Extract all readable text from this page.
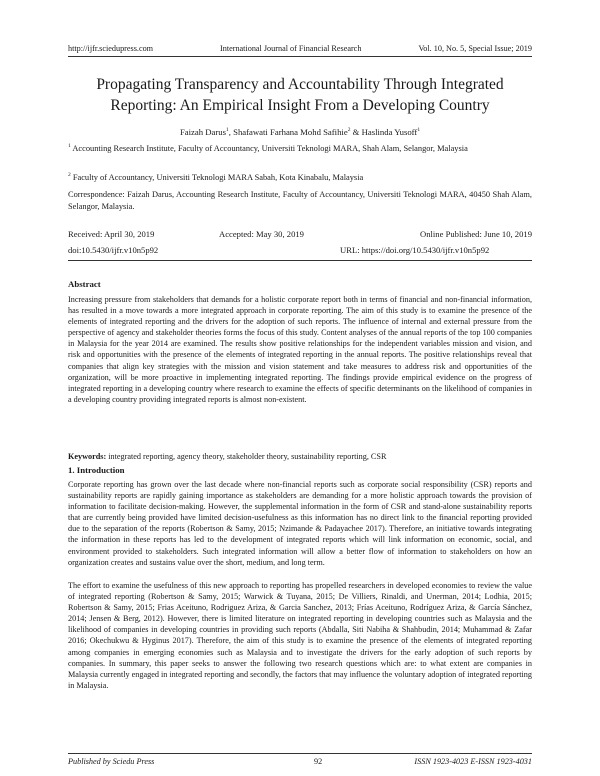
http://ijfr.sciedupress.com	International Journal of Financial Research	Vol. 10, No. 5, Special Issue; 2019
Propagating Transparency and Accountability Through Integrated
Reporting: An Empirical Insight From a Developing Country
Faizah Darus$^1$, Shafawati Farhana Mohd Safihie$^2$ & Haslinda Yusoff$^1$
$^1$ Accounting Research Institute, Faculty of Accountancy, Universiti Teknologi MARA, Shah Alam, Selangor, Malaysia
$^2$ Faculty of Accountancy, Universiti Teknologi MARA Sabah, Kota Kinabalu, Malaysia
Correspondence: Faizah Darus, Accounting Research Institute, Faculty of Accountancy, Universiti Teknologi MARA, 40450 Shah Alam, Selangor, Malaysia.
Received: April 30, 2019	Accepted: May 30, 2019	Online Published: June 10, 2019
doi:10.5430/ijfr.v10n5p92	URL: https://doi.org/10.5430/ijfr.v10n5p92
Abstract
Increasing pressure from stakeholders that demands for a holistic corporate report both in terms of financial and non-financial information, has resulted in a move towards a more integrated approach in corporate reporting. The aim of this study is to examine the presence of the elements of integrated reporting and the drivers for the adoption of such reports. The influence of internal and external pressure from the perspective of agency and stakeholder theories forms the focus of this study. Content analyses of the annual reports of the top 100 companies in Malaysia for the year 2014 are examined. The results show positive relationships for the independent variables mission and vision, and risk and opportunities with the presence of the elements of integrated reporting in the annual reports. The positive relationships reveal that companies that align key strategies with the mission and vision statement and take measures to address risk and opportunities of the organization, will be more proactive in implementing integrated reporting. The findings provide empirical evidence on the progress of integrated reporting in a developing country where research to examine the effects of specific determinants on the likelihood of companies in a developing country providing integrated reports is almost non-existent.
Keywords: integrated reporting, agency theory, stakeholder theory, sustainability reporting, CSR
1. Introduction
Corporate reporting has grown over the last decade where non-financial reports such as corporate social responsibility (CSR) reports and sustainability reports are rapidly gaining importance as stakeholders are demanding for a more holistic approach towards the provision of information to facilitate decision-making. However, the supplemental information in the form of CSR and stand-alone sustainability reports that are currently being provided have limited decision-usefulness as this information has no direct link to the financial reporting provided due to the separation of the reports (Robertson & Samy, 2015; Nzimande & Padayachee 2017). Therefore, an initiative towards integrating the information in these reports has led to the development of integrated reports which will link information on economic, social, and environment provided to stakeholders. Such integrated information will allow a better flow of information to stakeholders on how an organization creates and sustains value over the short, medium, and long term.
The effort to examine the usefulness of this new approach to reporting has propelled researchers in developed economies to review the value of integrated reporting (Robertson & Samy, 2015; Warwick & Tuyana, 2015; De Villiers, Rinaldi, and Unerman, 2014; Lodhia, 2015; Robertson & Samy, 2015; Frias Aceituno, Rodriguez Ariza, & Garcia Sanchez, 2013; Frías Aceituno, Rodríguez Ariza, & García Sánchez, 2014; Jensen & Berg, 2012). However, there is limited literature on integrated reporting in developing countries such as Malaysia and the likelihood of companies in developing countries in providing such reports (Abdalla, Siti Nabiha & Shahbudin, 2014; Muhammad & Zafar 2016; Okechukwu & Hyginus 2017). Therefore, the aim of this study is to examine the presence of the elements of integrated reporting among companies in emerging economies such as Malaysia and to investigate the drivers for the early adoption of such reports by companies. In summary, this paper seeks to answer the following two research questions which are: to what extent are companies in Malaysia currently engaged in integrated reporting and secondly, the factors that may influence the voluntary adoption of integrated reporting in Malaysia.
Published by Sciedu Press	92	ISSN 1923-4023 E-ISSN 1923-4031
